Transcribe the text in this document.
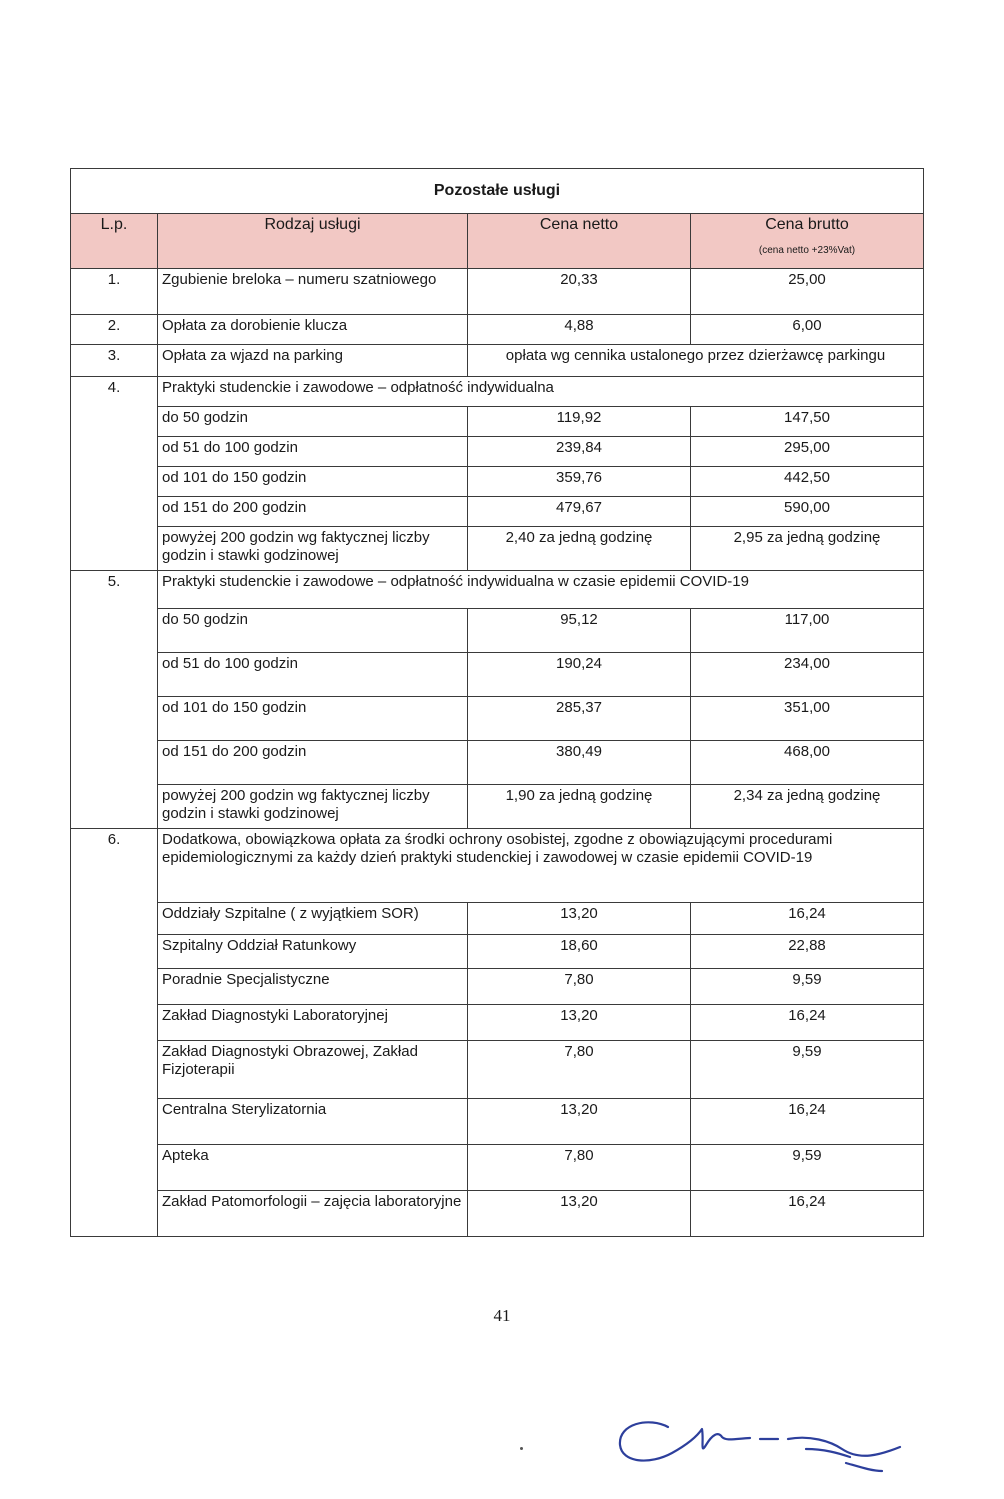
Pozostałe usługi			
L.p.	Rodzaj usługi	Cena netto	Cena brutto
(cena netto +23%Vat)

1.	Zgubienie breloka – numeru szatniowego	20,33	25,00
2.	Opłata za dorobienie klucza	4,88	6,00
3.	Opłata za wjazd na parking	opłata wg cennika ustalonego przez dzierżawcę parkingu	
4.	Praktyki studenckie i zawodowe – odpłatność indywidualna		
	do 50 godzin	119,92	147,50
	od 51 do 100 godzin	239,84	295,00
	od 101 do 150 godzin	359,76	442,50
	od 151 do 200 godzin	479,67	590,00
	powyżej 200 godzin wg faktycznej liczby godzin i stawki godzinowej	2,40 za jedną godzinę	2,95 za jedną godzinę
5.	Praktyki studenckie i zawodowe – odpłatność indywidualna w czasie epidemii COVID-19		
	do 50 godzin	95,12	117,00
	od 51 do 100 godzin	190,24	234,00
	od 101 do 150 godzin	285,37	351,00
	od 151 do 200 godzin	380,49	468,00
	powyżej 200 godzin wg faktycznej liczby godzin i stawki godzinowej	1,90 za jedną godzinę	2,34 za jedną godzinę
6.	Dodatkowa, obowiązkowa opłata za środki ochrony osobistej, zgodne z obowiązującymi procedurami epidemiologicznymi za każdy dzień praktyki studenckiej i zawodowej w czasie epidemii COVID-19		
	Oddziały Szpitalne ( z wyjątkiem SOR)	13,20	16,24
	Szpitalny Oddział Ratunkowy	18,60	22,88
	Poradnie Specjalistyczne	7,80	9,59
	Zakład Diagnostyki Laboratoryjnej	13,20	16,24
	Zakład Diagnostyki Obrazowej, Zakład Fizjoterapii	7,80	9,59
	Centralna Sterylizatornia	13,20	16,24
	Apteka	7,80	9,59
	Zakład Patomorfologii – zajęcia laboratoryjne	13,20	16,24
41
